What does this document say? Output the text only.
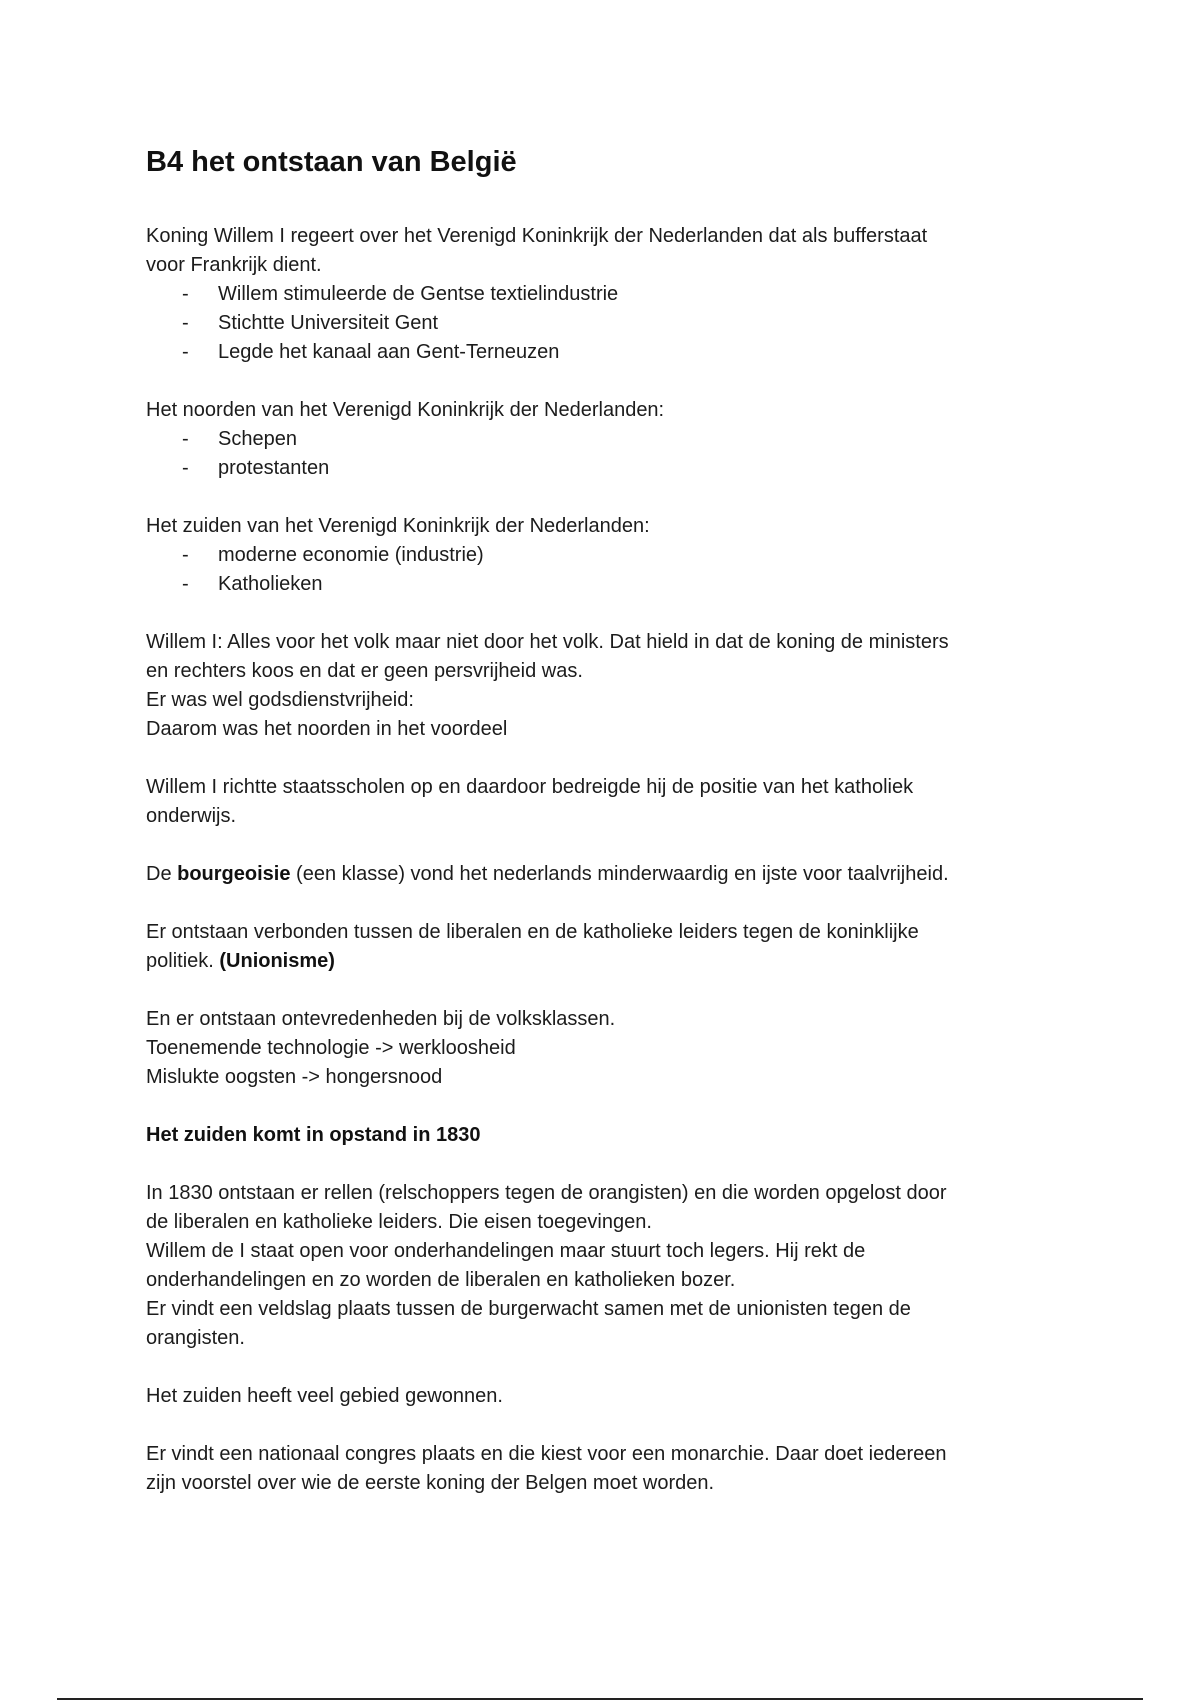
B4 het ontstaan van België

Koning Willem I regeert over het Verenigd Koninkrijk der Nederlanden dat als bufferstaat
voor Frankrijk dient.

- Willem stimuleerde de Gentse textielindustrie
- Stichtte Universiteit Gent
- Legde het kanaal aan Gent-Terneuzen

Het noorden van het Verenigd Koninkrijk der Nederlanden:

- Schepen
- protestanten

Het zuiden van het Verenigd Koninkrijk der Nederlanden:

- moderne economie (industrie)
- Katholieken

Willem I: Alles voor het volk maar niet door het volk. Dat hield in dat de koning de ministers
en rechters koos en dat er geen persvrijheid was.
Er was wel godsdienstvrijheid:
Daarom was het noorden in het voordeel

Willem I richtte staatsscholen op en daardoor bedreigde hij de positie van het katholiek
onderwijs.

De bourgeoisie (een klasse) vond het nederlands minderwaardig en ijste voor taalvrijheid.

Er ontstaan verbonden tussen de liberalen en de katholieke leiders tegen de koninklijke
politiek. (Unionisme)

En er ontstaan ontevredenheden bij de volksklassen.
Toenemende technologie -> werkloosheid
Mislukte oogsten -> hongersnood

Het zuiden komt in opstand in 1830

In 1830 ontstaan er rellen (relschoppers tegen de orangisten) en die worden opgelost door
de liberalen en katholieke leiders. Die eisen toegevingen.
Willem de I staat open voor onderhandelingen maar stuurt toch legers. Hij rekt de
onderhandelingen en zo worden de liberalen en katholieken bozer.
Er vindt een veldslag plaats tussen de burgerwacht samen met de unionisten tegen de
orangisten.

Het zuiden heeft veel gebied gewonnen.

Er vindt een nationaal congres plaats en die kiest voor een monarchie. Daar doet iedereen
zijn voorstel over wie de eerste koning der Belgen moet worden.
